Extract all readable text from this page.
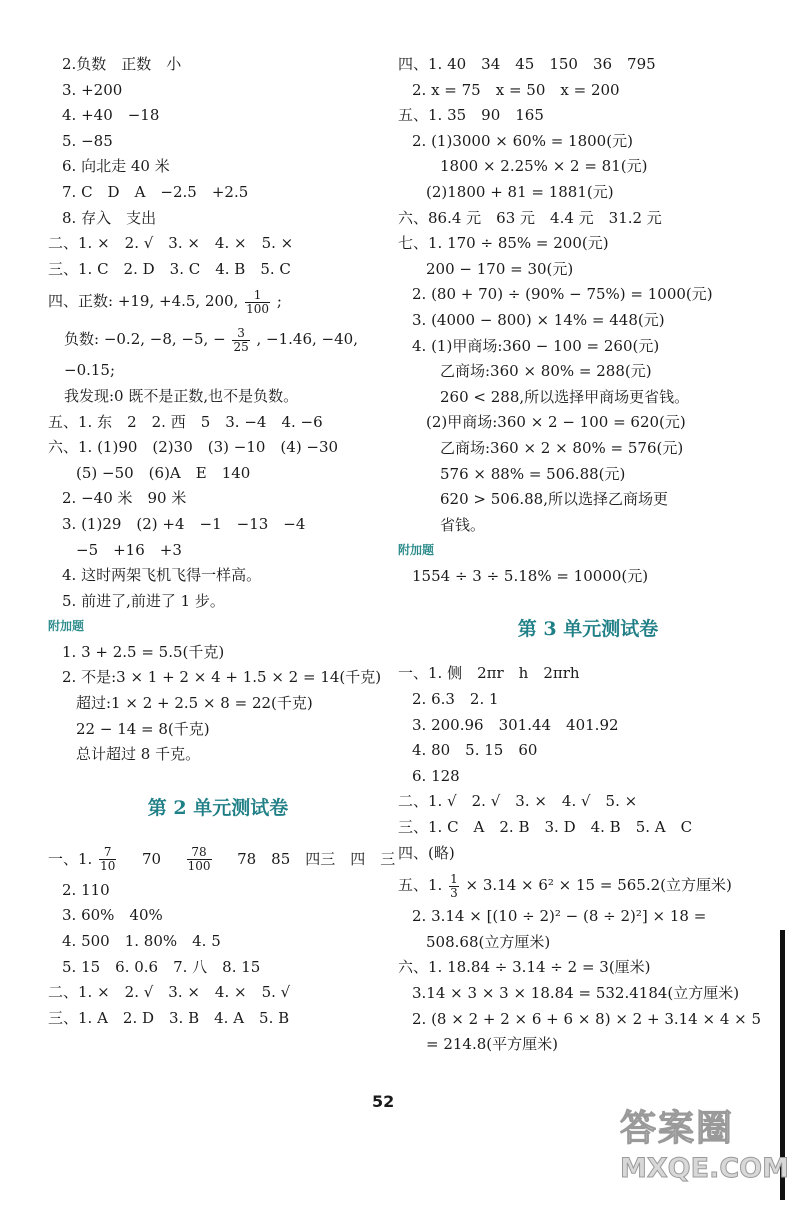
2.负数　正数　小
3. +200
4. +40　−18
5. −85
6. 向北走 40 米
7. C　D　A　−2.5　+2.5
8. 存入　支出
二、1. ×　2. √　3. ×　4. ×　5. ×
三、1. C　2. D　3. C　4. B　5. C
四、正数: +19, +4.5, 200, $\frac{1}{100}$ ;
负数: −0.2, −8, −5, − $\frac{3}{25}$ , −1.46, −40,
−0.15;
我发现:0 既不是正数,也不是负数。
五、1. 东　2　2. 西　5　3. −4　4. −6
六、1. (1)90　(2)30　(3) −10　(4) −30
(5) −50　(6)A　E　140
2. −40 米　90 米
3. (1)29　(2) +4　−1　−13　−4
−5　+16　+3
4. 这时两架飞机飞得一样高。
5. 前进了,前进了 1 步。
附加题
1. 3 + 2.5 = 5.5(千克)
2. 不是:3 × 1 + 2 × 4 + 1.5 × 2 = 14(千克)
超过:1 × 2 + 2.5 × 8 = 22(千克)
22 − 14 = 8(千克)
总计超过 8 千克。
第 2 单元测试卷
一、1. $\frac{7}{10} 70 \frac{78}{100} 78$　85　四三　四　三
2. 110
3. 60%　40%
4. 500　1. 80%　4. 5
5. 15　6. 0.6　7. 八　8. 15
二、1. ×　2. √　3. ×　4. ×　5. √
三、1. A　2. D　3. B　4. A　5. B
四、1. 40　34　45　150　36　795
2. x = 75　x = 50　x = 200
五、1. 35　90　165
2. (1)3000 × 60% = 1800(元)
1800 × 2.25% × 2 = 81(元)
(2)1800 + 81 = 1881(元)
六、86.4 元　63 元　4.4 元　31.2 元
七、1. 170 ÷ 85% = 200(元)
200 − 170 = 30(元)
2. (80 + 70) ÷ (90% − 75%) = 1000(元)
3. (4000 − 800) × 14% = 448(元)
4. (1)甲商场:360 − 100 = 260(元)
乙商场:360 × 80% = 288(元)
260 < 288,所以选择甲商场更省钱。
(2)甲商场:360 × 2 − 100 = 620(元)
乙商场:360 × 2 × 80% = 576(元)
576 × 88% = 506.88(元)
620 > 506.88,所以选择乙商场更
省钱。
附加题
1554 ÷ 3 ÷ 5.18% = 10000(元)
第 3 单元测试卷
一、1. 侧　2πr　h　2πrh
2. 6.3　2. 1
3. 200.96　301.44　401.92
4. 80　5. 15　60
6. 128
二、1. √　2. √　3. ×　4. √　5. ×
三、1. C　A　2. B　3. D　4. B　5. A　C
四、(略)
五、1. $\frac{1}{3} \times 3.14 \times 6^2 \times 15 = 565.2$(立方厘米)
2. 3.14 × [(10 ÷ 2)² − (8 ÷ 2)²] × 18 =
508.68(立方厘米)
六、1. 18.84 ÷ 3.14 ÷ 2 = 3(厘米)
3.14 × 3 × 3 × 18.84 = 532.4184(立方厘米)
2. (8 × 2 + 2 × 6 + 6 × 8) × 2 + 3.14 × 4 × 5
= 214.8(平方厘米)
52
答案圈
MXQE.COM
